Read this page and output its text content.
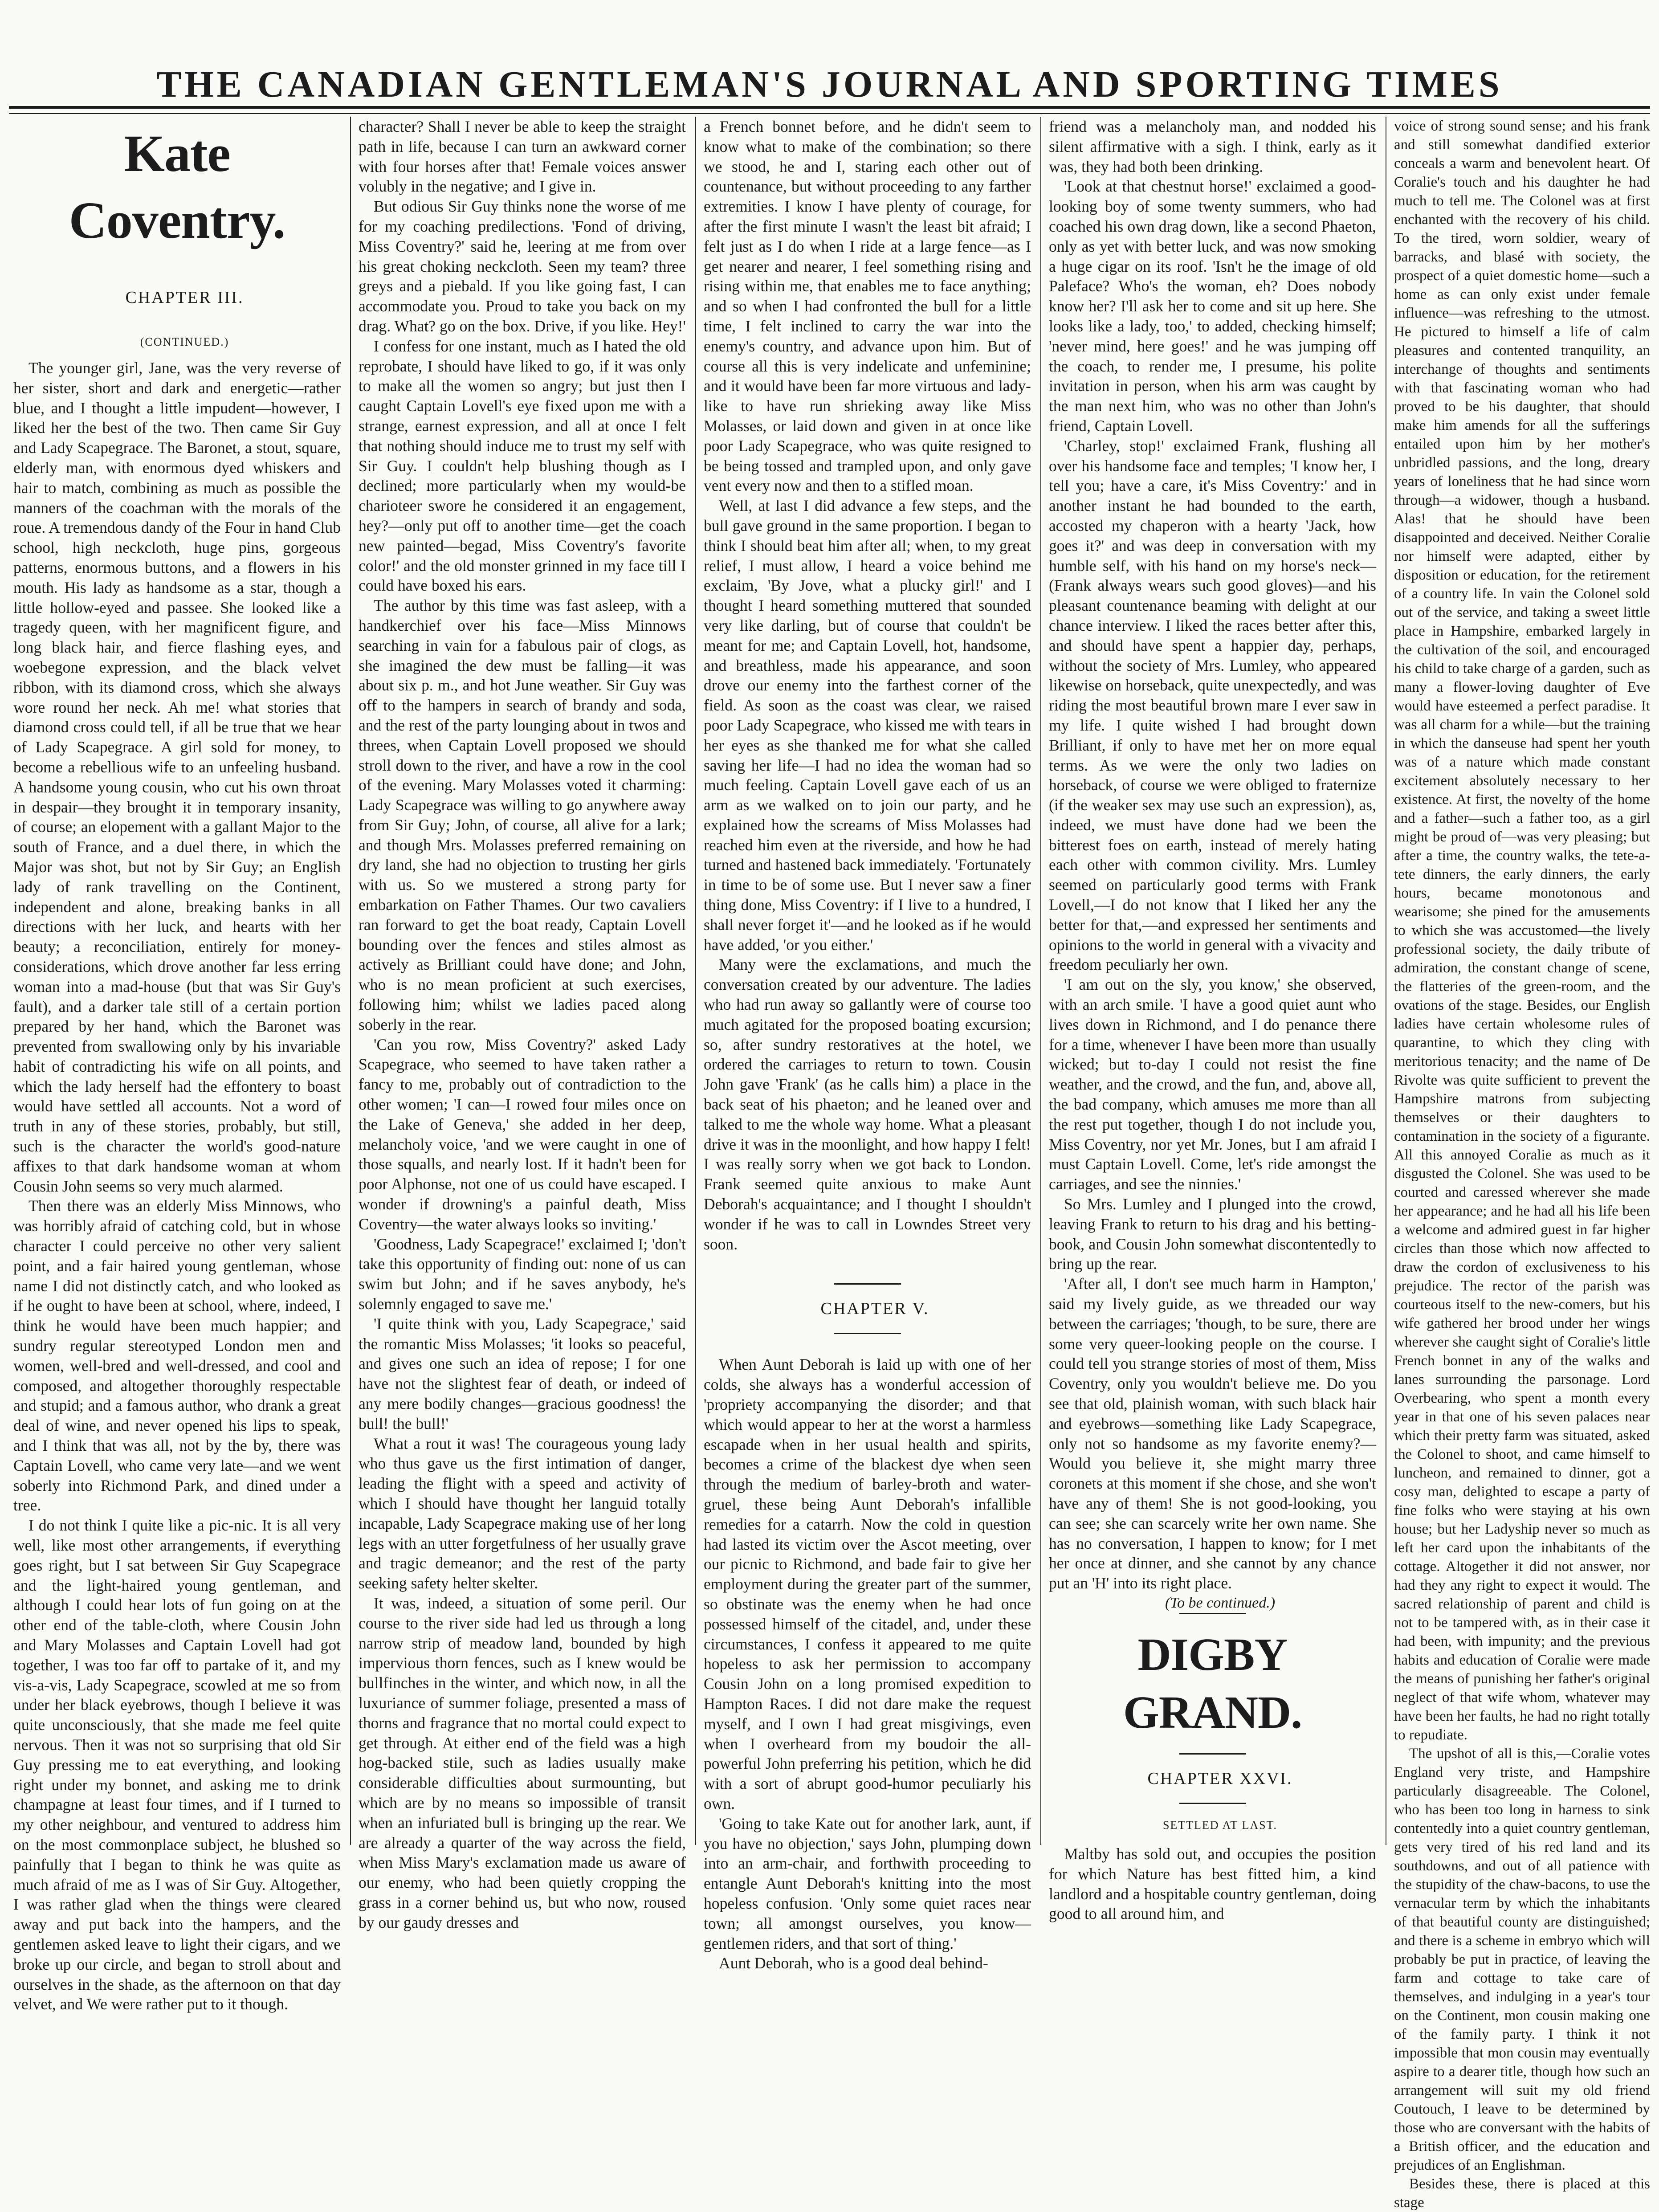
THE CANADIAN GENTLEMAN'S JOURNAL AND SPORTING TIMES
Kate Coventry.

CHAPTER III.

(CONTINUED.)

The younger girl, Jane, was the very reverse of her sister, short and dark and energetic—rather blue, and I thought a little impudent—however, I liked her the best of the two. Then came Sir Guy and Lady Scapegrace. The Baronet, a stout, square, elderly man, with enormous dyed whiskers and hair to match, combining as much as possible the manners of the coachman with the morals of the roue. A tremendous dandy of the Four in hand Club school, high neckcloth, huge pins, gorgeous patterns, enormous buttons, and a flowers in his mouth. His lady as handsome as a star, though a little hollow-eyed and passee. She looked like a tragedy queen, with her magnificent figure, and long black hair, and fierce flashing eyes, and woebegone expression, and the black velvet ribbon, with its diamond cross, which she always wore round her neck. Ah me! what stories that diamond cross could tell, if all be true that we hear of Lady Scapegrace. A girl sold for money, to become a rebellious wife to an unfeeling husband. A handsome young cousin, who cut his own throat in despair—they brought it in temporary insanity, of course; an elopement with a gallant Major to the south of France, and a duel there, in which the Major was shot, but not by Sir Guy; an English lady of rank travelling on the Continent, independent and alone, breaking banks in all directions with her luck, and hearts with her beauty; a reconciliation, entirely for money-considerations, which drove another far less erring woman into a mad-house (but that was Sir Guy's fault), and a darker tale still of a certain portion prepared by her hand, which the Baronet was prevented from swallowing only by his invariable habit of contradicting his wife on all points, and which the lady herself had the effontery to boast would have settled all accounts. Not a word of truth in any of these stories, probably, but still, such is the character the world's good-nature affixes to that dark handsome woman at whom Cousin John seems so very much alarmed.

Then there was an elderly Miss Minnows, who was horribly afraid of catching cold, but in whose character I could perceive no other very salient point, and a fair haired young gentleman, whose name I did not distinctly catch, and who looked as if he ought to have been at school, where, indeed, I think he would have been much happier; and sundry regular stereotyped London men and women, well-bred and well-dressed, and cool and composed, and altogether thoroughly respectable and stupid; and a famous author, who drank a great deal of wine, and never opened his lips to speak, and I think that was all, not by the by, there was Captain Lovell, who came very late—and we went soberly into Richmond Park, and dined under a tree.

I do not think I quite like a pic-nic. It is all very well, like most other arrangements, if everything goes right, but I sat between Sir Guy Scapegrace and the light-haired young gentleman, and although I could hear lots of fun going on at the other end of the table-cloth, where Cousin John and Mary Molasses and Captain Lovell had got together, I was too far off to partake of it, and my vis-a-vis, Lady Scapegrace, scowled at me so from under her black eyebrows, though I believe it was quite unconsciously, that she made me feel quite nervous. Then it was not so surprising that old Sir Guy pressing me to eat everything, and looking right under my bonnet, and asking me to drink champagne at least four times, and if I turned to my other neighbour, and ventured to address him on the most commonplace subject, he blushed so painfully that I began to think he was quite as much afraid of me as I was of Sir Guy. Altogether, I was rather glad when the things were cleared away and put back into the hampers, and the gentlemen asked leave to light their cigars, and we broke up our circle, and began to stroll about and ourselves in the shade, as the afternoon on that day velvet, and We were rather put to it though.

character? Shall I never be able to keep the straight path in life, because I can turn an awkward corner with four horses after that! Female voices answer volubly in the negative; and I give in.

But odious Sir Guy thinks none the worse of me for my coaching predilections. 'Fond of driving, Miss Coventry?' said he, leering at me from over his great choking neckcloth. Seen my team? three greys and a piebald. If you like going fast, I can accommodate you. Proud to take you back on my drag. What? go on the box. Drive, if you like. Hey!'

I confess for one instant, much as I hated the old reprobate, I should have liked to go, if it was only to make all the women so angry; but just then I caught Captain Lovell's eye fixed upon me with a strange, earnest expression, and all at once I felt that nothing should induce me to trust my self with Sir Guy. I couldn't help blushing though as I declined; more particularly when my would-be charioteer swore he considered it an engagement, hey?—only put off to another time—get the coach new painted—begad, Miss Coventry's favorite color!' and the old monster grinned in my face till I could have boxed his ears.

The author by this time was fast asleep, with a handkerchief over his face—Miss Minnows searching in vain for a fabulous pair of clogs, as she imagined the dew must be falling—it was about six p. m., and hot June weather. Sir Guy was off to the hampers in search of brandy and soda, and the rest of the party lounging about in twos and threes, when Captain Lovell proposed we should stroll down to the river, and have a row in the cool of the evening. Mary Molasses voted it charming: Lady Scapegrace was willing to go anywhere away from Sir Guy; John, of course, all alive for a lark; and though Mrs. Molasses preferred remaining on dry land, she had no objection to trusting her girls with us. So we mustered a strong party for embarkation on Father Thames. Our two cavaliers ran forward to get the boat ready, Captain Lovell bounding over the fences and stiles almost as actively as Brilliant could have done; and John, who is no mean proficient at such exercises, following him; whilst we ladies paced along soberly in the rear.

'Can you row, Miss Coventry?' asked Lady Scapegrace, who seemed to have taken rather a fancy to me, probably out of contradiction to the other women; 'I can—I rowed four miles once on the Lake of Geneva,' she added in her deep, melancholy voice, 'and we were caught in one of those squalls, and nearly lost. If it hadn't been for poor Alphonse, not one of us could have escaped. I wonder if drowning's a painful death, Miss Coventry—the water always looks so inviting.'

'Goodness, Lady Scapegrace!' exclaimed I; 'don't take this opportunity of finding out: none of us can swim but John; and if he saves anybody, he's solemnly engaged to save me.'

'I quite think with you, Lady Scapegrace,' said the romantic Miss Molasses; 'it looks so peaceful, and gives one such an idea of repose; I for one have not the slightest fear of death, or indeed of any mere bodily changes—gracious goodness! the bull! the bull!'

What a rout it was! The courageous young lady who thus gave us the first intimation of danger, leading the flight with a speed and activity of which I should have thought her languid totally incapable, Lady Scapegrace making use of her long legs with an utter forgetfulness of her usually grave and tragic demeanor; and the rest of the party seeking safety helter skelter.

It was, indeed, a situation of some peril. Our course to the river side had led us through a long narrow strip of meadow land, bounded by high impervious thorn fences, such as I knew would be bullfinches in the winter, and which now, in all the luxuriance of summer foliage, presented a mass of thorns and fragrance that no mortal could expect to get through. At either end of the field was a high hog-backed stile, such as ladies usually make considerable difficulties about surmounting, but which are by no means so impossible of transit when an infuriated bull is bringing up the rear. We are already a quarter of the way across the field, when Miss Mary's exclamation made us aware of our enemy, who had been quietly cropping the grass in a corner behind us, but who now, roused by our gaudy dresses and

a French bonnet before, and he didn't seem to know what to make of the combination; so there we stood, he and I, staring each other out of countenance, but without proceeding to any farther extremities. I know I have plenty of courage, for after the first minute I wasn't the least bit afraid; I felt just as I do when I ride at a large fence—as I get nearer and nearer, I feel something rising and rising within me, that enables me to face anything; and so when I had confronted the bull for a little time, I felt inclined to carry the war into the enemy's country, and advance upon him. But of course all this is very indelicate and unfeminine; and it would have been far more virtuous and lady-like to have run shrieking away like Miss Molasses, or laid down and given in at once like poor Lady Scapegrace, who was quite resigned to be being tossed and trampled upon, and only gave vent every now and then to a stifled moan.

Well, at last I did advance a few steps, and the bull gave ground in the same proportion. I began to think I should beat him after all; when, to my great relief, I must allow, I heard a voice behind me exclaim, 'By Jove, what a plucky girl!' and I thought I heard something muttered that sounded very like darling, but of course that couldn't be meant for me; and Captain Lovell, hot, handsome, and breathless, made his appearance, and soon drove our enemy into the farthest corner of the field. As soon as the coast was clear, we raised poor Lady Scapegrace, who kissed me with tears in her eyes as she thanked me for what she called saving her life—I had no idea the woman had so much feeling. Captain Lovell gave each of us an arm as we walked on to join our party, and he explained how the screams of Miss Molasses had reached him even at the riverside, and how he had turned and hastened back immediately. 'Fortunately in time to be of some use. But I never saw a finer thing done, Miss Coventry: if I live to a hundred, I shall never forget it'—and he looked as if he would have added, 'or you either.'

Many were the exclamations, and much the conversation created by our adventure. The ladies who had run away so gallantly were of course too much agitated for the proposed boating excursion; so, after sundry restoratives at the hotel, we ordered the carriages to return to town. Cousin John gave 'Frank' (as he calls him) a place in the back seat of his phaeton; and he leaned over and talked to me the whole way home. What a pleasant drive it was in the moonlight, and how happy I felt! I was really sorry when we got back to London. Frank seemed quite anxious to make Aunt Deborah's acquaintance; and I thought I shouldn't wonder if he was to call in Lowndes Street very soon.

CHAPTER V.

When Aunt Deborah is laid up with one of her colds, she always has a wonderful accession of 'propriety accompanying the disorder; and that which would appear to her at the worst a harmless escapade when in her usual health and spirits, becomes a crime of the blackest dye when seen through the medium of barley-broth and water-gruel, these being Aunt Deborah's infallible remedies for a catarrh. Now the cold in question had lasted its victim over the Ascot meeting, over our picnic to Richmond, and bade fair to give her employment during the greater part of the summer, so obstinate was the enemy when he had once possessed himself of the citadel, and, under these circumstances, I confess it appeared to me quite hopeless to ask her permission to accompany Cousin John on a long promised expedition to Hampton Races. I did not dare make the request myself, and I own I had great misgivings, even when I overheard from my boudoir the all-powerful John preferring his petition, which he did with a sort of abrupt good-humor peculiarly his own.

'Going to take Kate out for another lark, aunt, if you have no objection,' says John, plumping down into an arm-chair, and forthwith proceeding to entangle Aunt Deborah's knitting into the most hopeless confusion. 'Only some quiet races near town; all amongst ourselves, you know—gentlemen riders, and that sort of thing.'

Aunt Deborah, who is a good deal behind-

friend was a melancholy man, and nodded his silent affirmative with a sigh. I think, early as it was, they had both been drinking.

'Look at that chestnut horse!' exclaimed a good-looking boy of some twenty summers, who had coached his own drag down, like a second Phaeton, only as yet with better luck, and was now smoking a huge cigar on its roof. 'Isn't he the image of old Paleface? Who's the woman, eh? Does nobody know her? I'll ask her to come and sit up here. She looks like a lady, too,' to added, checking himself; 'never mind, here goes!' and he was jumping off the coach, to render me, I presume, his polite invitation in person, when his arm was caught by the man next him, who was no other than John's friend, Captain Lovell.

'Charley, stop!' exclaimed Frank, flushing all over his handsome face and temples; 'I know her, I tell you; have a care, it's Miss Coventry:' and in another instant he had bounded to the earth, accosted my chaperon with a hearty 'Jack, how goes it?' and was deep in conversation with my humble self, with his hand on my horse's neck—(Frank always wears such good gloves)—and his pleasant countenance beaming with delight at our chance interview. I liked the races better after this, and should have spent a happier day, perhaps, without the society of Mrs. Lumley, who appeared likewise on horseback, quite unexpectedly, and was riding the most beautiful brown mare I ever saw in my life. I quite wished I had brought down Brilliant, if only to have met her on more equal terms. As we were the only two ladies on horseback, of course we were obliged to fraternize (if the weaker sex may use such an expression), as, indeed, we must have done had we been the bitterest foes on earth, instead of merely hating each other with common civility. Mrs. Lumley seemed on particularly good terms with Frank Lovell,—I do not know that I liked her any the better for that,—and expressed her sentiments and opinions to the world in general with a vivacity and freedom peculiarly her own.

'I am out on the sly, you know,' she observed, with an arch smile. 'I have a good quiet aunt who lives down in Richmond, and I do penance there for a time, whenever I have been more than usually wicked; but to-day I could not resist the fine weather, and the crowd, and the fun, and, above all, the bad company, which amuses me more than all the rest put together, though I do not include you, Miss Coventry, nor yet Mr. Jones, but I am afraid I must Captain Lovell. Come, let's ride amongst the carriages, and see the ninnies.'

So Mrs. Lumley and I plunged into the crowd, leaving Frank to return to his drag and his betting-book, and Cousin John somewhat discontentedly to bring up the rear.

'After all, I don't see much harm in Hampton,' said my lively guide, as we threaded our way between the carriages; 'though, to be sure, there are some very queer-looking people on the course. I could tell you strange stories of most of them, Miss Coventry, only you wouldn't believe me. Do you see that old, plainish woman, with such black hair and eyebrows—something like Lady Scapegrace, only not so handsome as my favorite enemy?—Would you believe it, she might marry three coronets at this moment if she chose, and she won't have any of them! She is not good-looking, you can see; she can scarcely write her own name. She has no conversation, I happen to know; for I met her once at dinner, and she cannot by any chance put an 'H' into its right place.

(To be continued.)

DIGBY GRAND.

CHAPTER XXVI.

SETTLED AT LAST.

Maltby has sold out, and occupies the position for which Nature has best fitted him, a kind landlord and a hospitable country gentleman, doing good to all around him, and

voice of strong sound sense; and his frank and still somewhat dandified exterior conceals a warm and benevolent heart. Of Coralie's touch and his daughter he had much to tell me. The Colonel was at first enchanted with the recovery of his child. To the tired, worn soldier, weary of barracks, and blasé with society, the prospect of a quiet domestic home—such a home as can only exist under female influence—was refreshing to the utmost. He pictured to himself a life of calm pleasures and contented tranquility, an interchange of thoughts and sentiments with that fascinating woman who had proved to be his daughter, that should make him amends for all the sufferings entailed upon him by her mother's unbridled passions, and the long, dreary years of loneliness that he had since worn through—a widower, though a husband. Alas! that he should have been disappointed and deceived. Neither Coralie nor himself were adapted, either by disposition or education, for the retirement of a country life. In vain the Colonel sold out of the service, and taking a sweet little place in Hampshire, embarked largely in the cultivation of the soil, and encouraged his child to take charge of a garden, such as many a flower-loving daughter of Eve would have esteemed a perfect paradise. It was all charm for a while—but the training in which the danseuse had spent her youth was of a nature which made constant excitement absolutely necessary to her existence. At first, the novelty of the home and a father—such a father too, as a girl might be proud of—was very pleasing; but after a time, the country walks, the tete-a-tete dinners, the early dinners, the early hours, became monotonous and wearisome; she pined for the amusements to which she was accustomed—the lively professional society, the daily tribute of admiration, the constant change of scene, the flatteries of the green-room, and the ovations of the stage. Besides, our English ladies have certain wholesome rules of quarantine, to which they cling with meritorious tenacity; and the name of De Rivolte was quite sufficient to prevent the Hampshire matrons from subjecting themselves or their daughters to contamination in the society of a figurante. All this annoyed Coralie as much as it disgusted the Colonel. She was used to be courted and caressed wherever she made her appearance; and he had all his life been a welcome and admired guest in far higher circles than those which now affected to draw the cordon of exclusiveness to his prejudice. The rector of the parish was courteous itself to the new-comers, but his wife gathered her brood under her wings wherever she caught sight of Coralie's little French bonnet in any of the walks and lanes surrounding the parsonage. Lord Overbearing, who spent a month every year in that one of his seven palaces near which their pretty farm was situated, asked the Colonel to shoot, and came himself to luncheon, and remained to dinner, got a cosy man, delighted to escape a party of fine folks who were staying at his own house; but her Ladyship never so much as left her card upon the inhabitants of the cottage. Altogether it did not answer, nor had they any right to expect it would. The sacred relationship of parent and child is not to be tampered with, as in their case it had been, with impunity; and the previous habits and education of Coralie were made the means of punishing her father's original neglect of that wife whom, whatever may have been her faults, he had no right totally to repudiate.

The upshot of all is this,—Coralie votes England very triste, and Hampshire particularly disagreeable. The Colonel, who has been too long in harness to sink contentedly into a quiet country gentleman, gets very tired of his red land and its southdowns, and out of all patience with the stupidity of the chaw-bacons, to use the vernacular term by which the inhabitants of that beautiful county are distinguished; and there is a scheme in embryo which will probably be put in practice, of leaving the farm and cottage to take care of themselves, and indulging in a year's tour on the Continent, mon cousin making one of the family party. I think it not impossible that mon cousin may eventually aspire to a dearer title, though how such an arrangement will suit my old friend Coutouch, I leave to be determined by those who are conversant with the habits of a British officer, and the education and prejudices of an Englishman.

Besides these, there is placed at this stage
